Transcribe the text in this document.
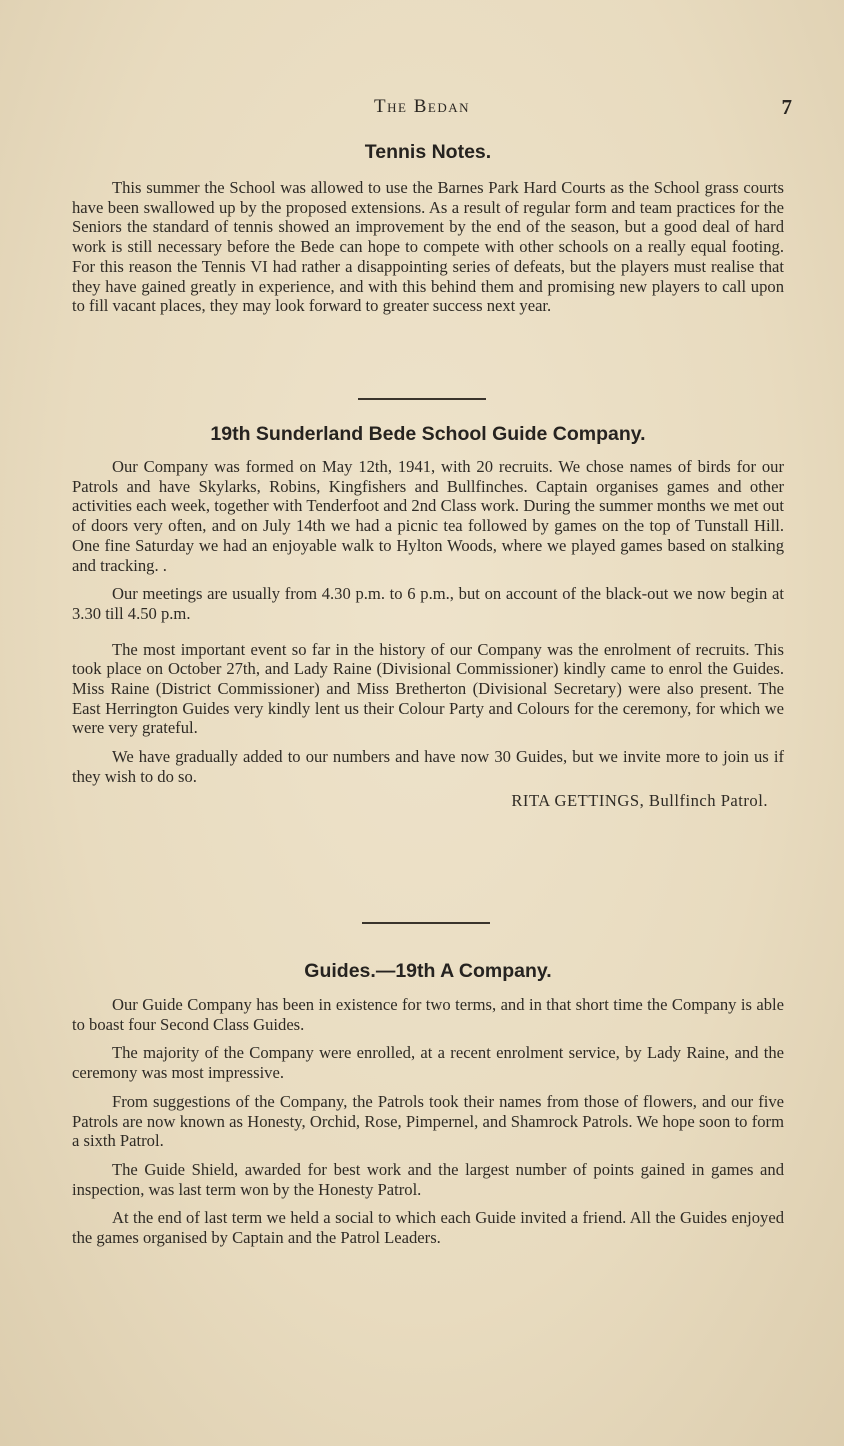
The Bedan	7
Tennis Notes.

This summer the School was allowed to use the Barnes Park Hard Courts as the School grass courts have been swallowed up by the proposed extensions. As a result of regular form and team practices for the Seniors the standard of tennis showed an improvement by the end of the season, but a good deal of hard work is still necessary before the Bede can hope to compete with other schools on a really equal footing. For this reason the Tennis VI had rather a disappointing series of defeats, but the players must realise that they have gained greatly in experience, and with this behind them and promising new players to call upon to fill vacant places, they may look forward to greater success next year.

19th Sunderland Bede School Guide Company.

Our Company was formed on May 12th, 1941, with 20 recruits. We chose names of birds for our Patrols and have Skylarks, Robins, Kingfishers and Bullfinches. Captain organises games and other activities each week, together with Tenderfoot and 2nd Class work. During the summer months we met out of doors very often, and on July 14th we had a picnic tea followed by games on the top of Tunstall Hill. One fine Saturday we had an enjoyable walk to Hylton Woods, where we played games based on stalking and tracking. .

Our meetings are usually from 4.30 p.m. to 6 p.m., but on account of the black-out we now begin at 3.30 till 4.50 p.m.

The most important event so far in the history of our Company was the enrolment of recruits. This took place on October 27th, and Lady Raine (Divisional Commissioner) kindly came to enrol the Guides. Miss Raine (District Commissioner) and Miss Bretherton (Divisional Secretary) were also present. The East Herrington Guides very kindly lent us their Colour Party and Colours for the ceremony, for which we were very grateful.

We have gradually added to our numbers and have now 30 Guides, but we invite more to join us if they wish to do so.

RITA GETTINGS, Bullfinch Patrol.

Guides.—19th A Company.

Our Guide Company has been in existence for two terms, and in that short time the Company is able to boast four Second Class Guides.

The majority of the Company were enrolled, at a recent enrolment service, by Lady Raine, and the ceremony was most impressive.

From suggestions of the Company, the Patrols took their names from those of flowers, and our five Patrols are now known as Honesty, Orchid, Rose, Pimpernel, and Shamrock Patrols. We hope soon to form a sixth Patrol.

The Guide Shield, awarded for best work and the largest number of points gained in games and inspection, was last term won by the Honesty Patrol.

At the end of last term we held a social to which each Guide invited a friend. All the Guides enjoyed the games organised by Captain and the Patrol Leaders.
